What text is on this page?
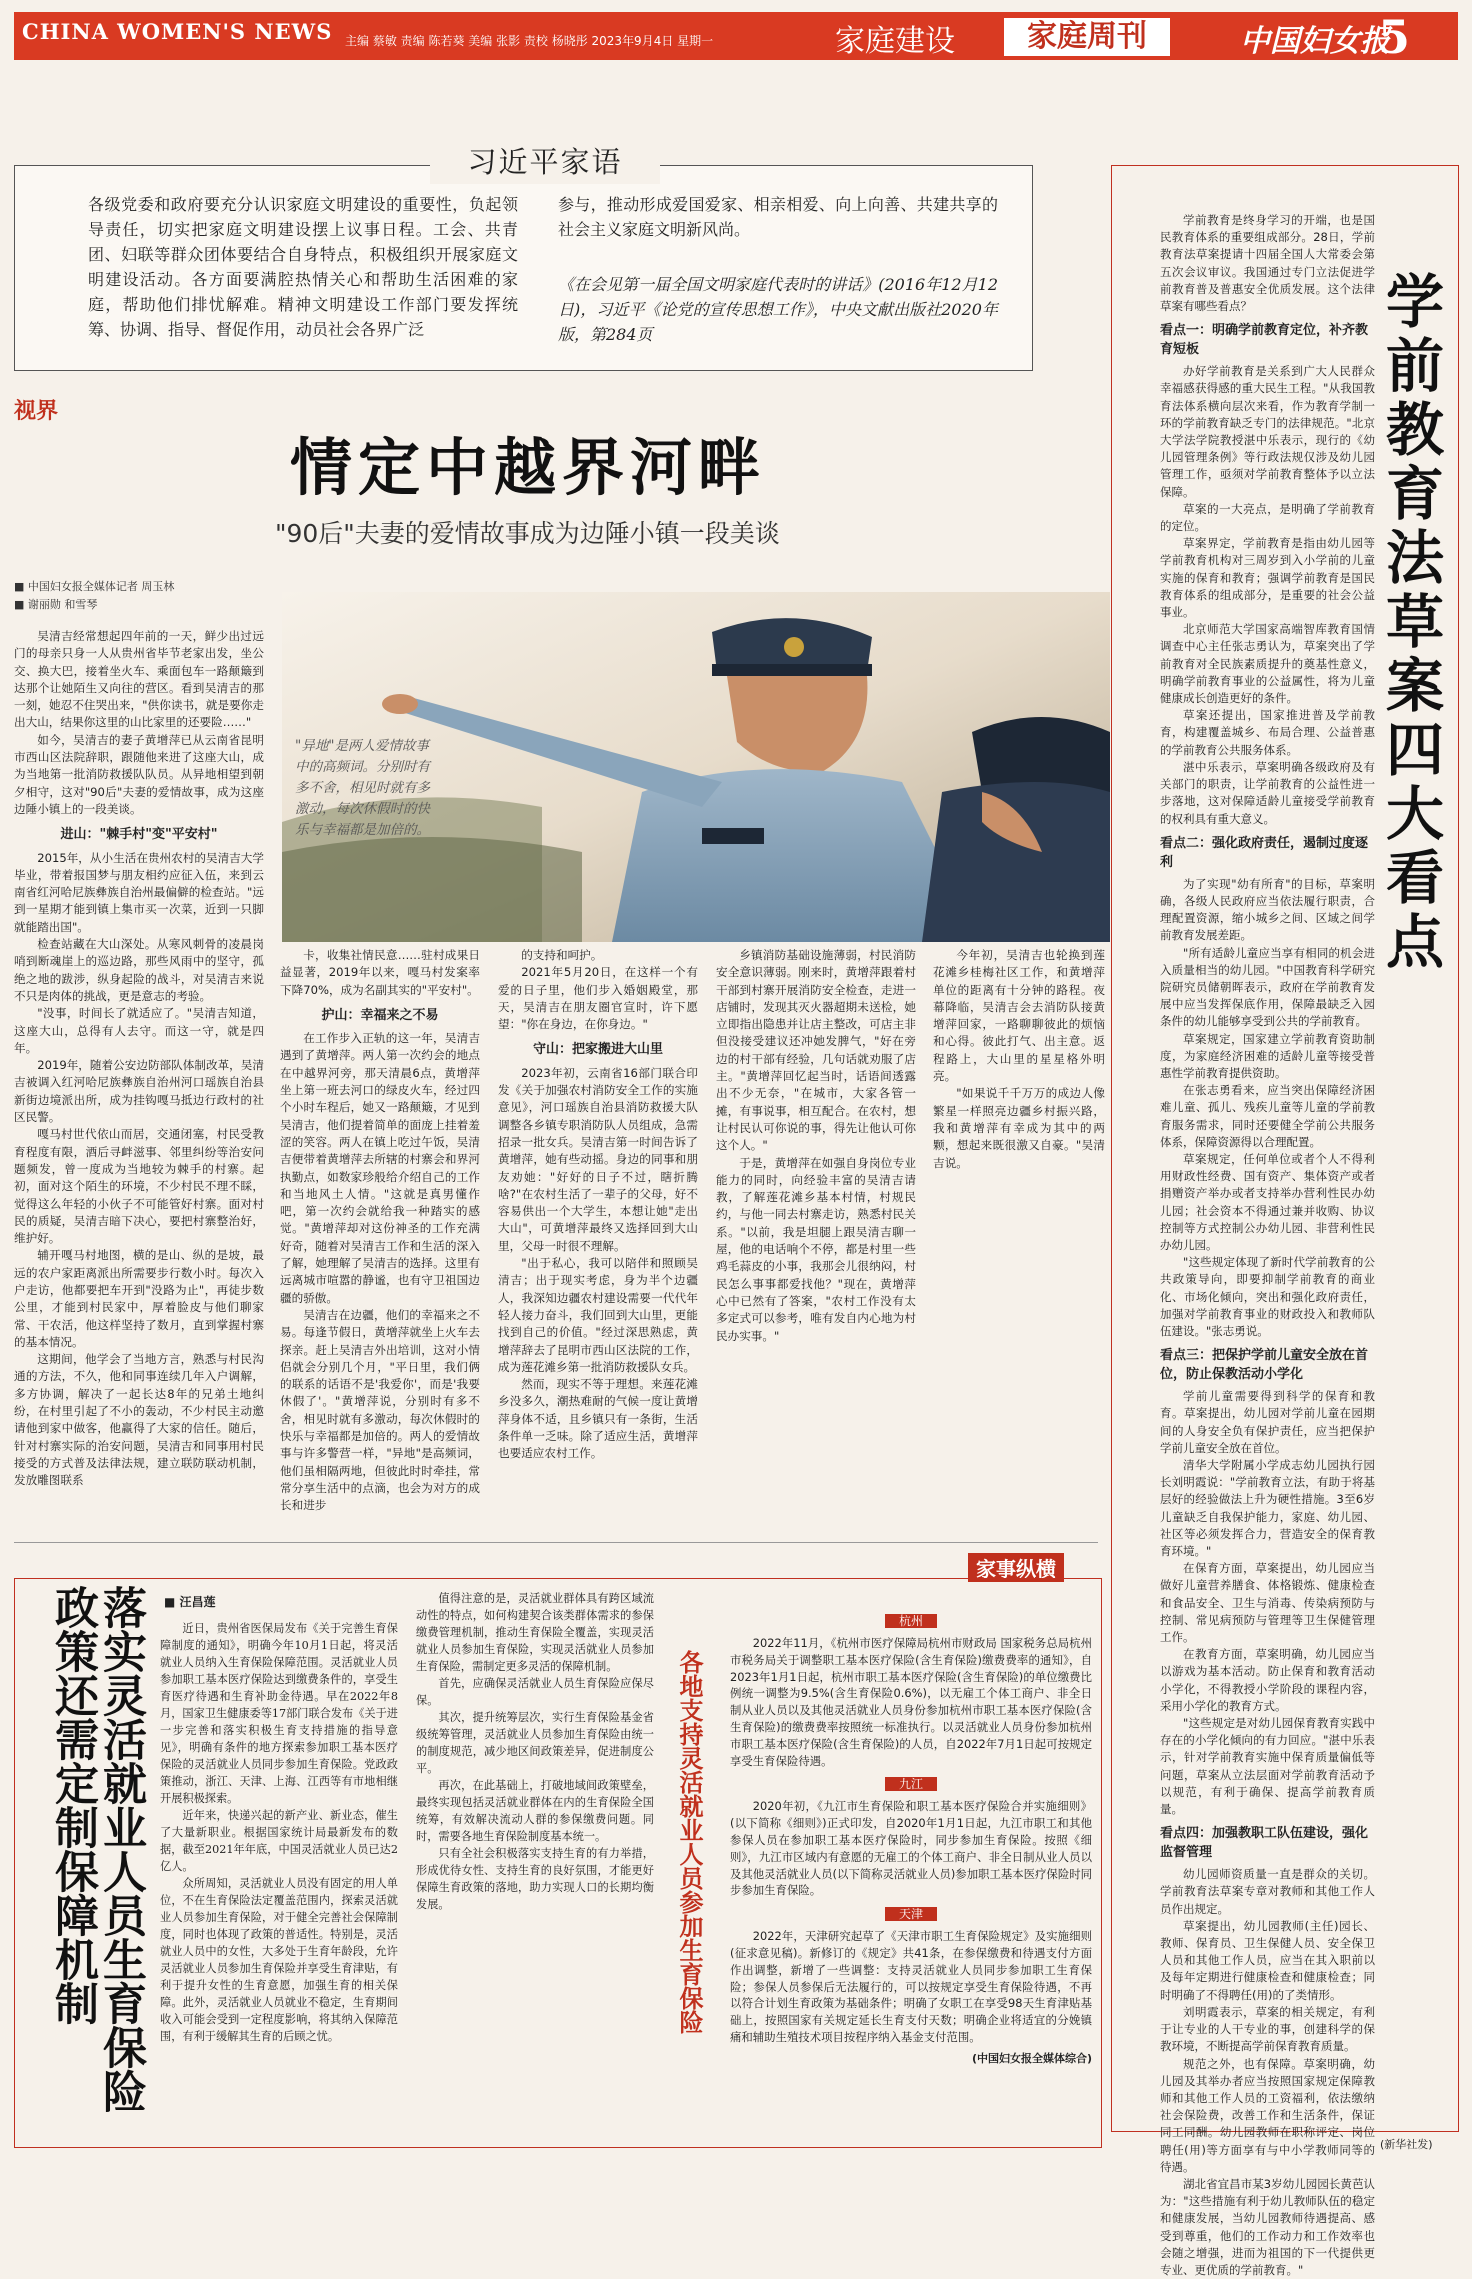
CHINA WOMEN'S NEWS 主编 蔡敏 责编 陈若葵 美编 张影 责校 杨晓彤 2023年9月4日 星期一	家庭建设	家庭周刊	中国妇女报
5
习近平家语
各级党委和政府要充分认识家庭文明建设的重要性，负起领导责任，切实把家庭文明建设摆上议事日程。工会、共青团、妇联等群众团体要结合自身特点，积极组织开展家庭文明建设活动。各方面要满腔热情关心和帮助生活困难的家庭，帮助他们排忧解难。精神文明建设工作部门要发挥统筹、协调、指导、督促作用，动员社会各界广泛
参与，推动形成爱国爱家、相亲相爱、向上向善、共建共享的社会主义家庭文明新风尚。
《在会见第一届全国文明家庭代表时的讲话》(2016年12月12日)，习近平《论党的宣传思想工作》，中央文献出版社2020年版，第284页
视界
情定中越界河畔
"90后"夫妻的爱情故事成为边陲小镇一段美谈
■ 中国妇女报全媒体记者 周玉林
■ 谢丽勋 和雪琴
"异地"是两人爱情故事中的高频词。分别时有多不舍，相见时就有多激动，每次休假时的快乐与幸福都是加倍的。

吴清吉经常想起四年前的一天，鲜少出过远门的母亲只身一人从贵州省毕节老家出发，坐公交、换大巴，接着坐火车、乘面包车一路颠簸到达那个让她陌生又向往的营区。看到吴清吉的那一刻，她忍不住哭出来，"供你读书，就是要你走出大山，结果你这里的山比家里的还要险……"

如今，吴清吉的妻子黄增萍已从云南省昆明市西山区法院辞职，跟随他来进了这座大山，成为当地第一批消防救援队队员。从异地相望到朝夕相守，这对"90后"夫妻的爱情故事，成为这座边陲小镇上的一段美谈。

进山："棘手村"变"平安村"

2015年，从小生活在贵州农村的吴清吉大学毕业，带着报国梦与朋友相约应征入伍，来到云南省红河哈尼族彝族自治州最偏僻的检查站。"远到一星期才能到镇上集市买一次菜，近到一只脚就能踏出国"。

检查站藏在大山深处。从寒风刺骨的凌晨岗哨到断魂崖上的巡边路，那些风雨中的坚守，孤绝之地的跋涉，纵身起险的战斗，对吴清吉来说不只是肉体的挑战，更是意志的考验。

"没事，时间长了就适应了。"吴清吉知道，这座大山，总得有人去守。而这一守，就是四年。

2019年，随着公安边防部队体制改革，吴清吉被调入红河哈尼族彝族自治州河口瑶族自治县新街边境派出所，成为挂钩嘎马抵边行政村的社区民警。

嘎马村世代依山而居，交通闭塞，村民受教育程度有限，酒后寻衅滋事、邻里纠纷等治安问题频发，曾一度成为当地较为棘手的村寨。起初，面对这个陌生的环境，不少村民不理不睬，觉得这么年轻的小伙子不可能管好村寨。面对村民的质疑，吴清吉暗下决心，要把村寨整治好，维护好。

辅开嘎马村地图，横的是山、纵的是坡，最远的农户家距离派出所需要步行数小时。每次入户走访，他都要把车开到"没路为止"，再徒步数公里，才能到村民家中，厚着脸皮与他们聊家常、干农活，他这样坚持了数月，直到掌握村寨的基本情况。

这期间，他学会了当地方言，熟悉与村民沟通的方法，不久，他和同事连续几年入户调解，多方协调，解决了一起长达8年的兄弟土地纠纷，在村里引起了不小的轰动，不少村民主动邀请他到家中做客，他赢得了大家的信任。随后，针对村寨实际的治安问题，吴清吉和同事用村民接受的方式普及法律法规，建立联防联动机制，发放雕图联系

卡，收集社情民意……驻村成果日益显著，2019年以来，嘎马村发案率下降70%，成为名副其实的"平安村"。

护山：幸福来之不易

在工作步入正轨的这一年，吴清吉遇到了黄增萍。两人第一次约会的地点在中越界河旁，那天清晨6点，黄增萍坐上第一班去河口的绿皮火车，经过四个小时车程后，她又一路颠簸，才见到吴清吉，他们提着简单的面庞上挂着羞涩的笑容。两人在镇上吃过午饭，吴清吉便带着黄增萍去所辖的村寨会和界河执勤点，如数家珍般给介绍自己的工作和当地风土人情。"这就是真男懂作吧，第一次约会就给我一种踏实的感觉。"黄增萍却对这份神圣的工作充满好奇，随着对吴清吉工作和生活的深入了解，她理解了吴清吉的选择。这里有远离城市喧嚣的静谧，也有守卫祖国边疆的骄傲。

吴清吉在边疆，他们的幸福来之不易。每逢节假日，黄增萍就坐上火车去探亲。赶上吴清吉外出培训，这对小情侣就会分别几个月，"平日里，我们俩的联系的话语不是'我爱你'，而是'我要休假了'。"黄增萍说，分别时有多不舍，相见时就有多激动，每次休假时的快乐与幸福都是加倍的。两人的爱情故事与许多警营一样，"异地"是高频词，他们虽相隔两地，但彼此时时牵挂，常常分享生活中的点滴，也会为对方的成长和进步

的支持和呵护。

2021年5月20日，在这样一个有爱的日子里，他们步入婚姻殿堂，那天，吴清吉在朋友圈官宣时，许下愿望："你在身边，在你身边。"

守山：把家搬进大山里

2023年初，云南省16部门联合印发《关于加强农村消防安全工作的实施意见》，河口瑶族自治县消防救援大队调整各乡镇专职消防队人员组成，急需招录一批女兵。吴清吉第一时间告诉了黄增萍，她有些动摇。身边的同事和朋友劝她："好好的日子不过，瞎折腾啥?"在农村生活了一辈子的父母，好不容易供出一个大学生，本想让她"走出大山"，可黄增萍最终又选择回到大山里，父母一时很不理解。

"出于私心，我可以陪伴和照顾吴清吉；出于现实考虑，身为半个边疆人，我深知边疆农村建设需要一代代年轻人接力奋斗，我们回到大山里，更能找到自己的价值。"经过深思熟虑，黄增萍辞去了昆明市西山区法院的工作，成为莲花滩乡第一批消防救援队女兵。

然而，现实不等于理想。来莲花滩乡没多久，潮热难耐的气候一度让黄增萍身体不适，且乡镇只有一条街，生活条件单一乏味。除了适应生活，黄增萍也要适应农村工作。

乡镇消防基础设施薄弱，村民消防安全意识薄弱。刚来时，黄增萍跟着村干部到村寨开展消防安全检查，走进一店铺时，发现其灭火器超期未送检，她立即指出隐患并让店主整改，可店主非但没接受建议还冲她发脾气，"好在旁边的村干部有经验，几句话就劝服了店主。"黄增萍回忆起当时，话语间透露出不少无奈，"在城市，大家各管一摊，有事说事，相互配合。在农村，想让村民认可你说的事，得先让他认可你这个人。"

于是，黄增萍在如强自身岗位专业能力的同时，向经验丰富的吴清吉请教，了解莲花滩乡基本村情，村规民约，与他一同去村寨走访，熟悉村民关系。"以前，我是坦腿上跟吴清吉聊一屋，他的电话响个不停，都是村里一些鸡毛蒜皮的小事，我那会儿很纳闷，村民怎么事事都爱找他？"现在，黄增萍心中已然有了答案，"农村工作没有太多定式可以参考，唯有发自内心地为村民办实事。"

今年初，吴清吉也轮换到莲花滩乡桂梅社区工作，和黄增萍单位的距离有十分钟的路程。夜幕降临，吴清吉会去消防队接黄增萍回家，一路聊聊彼此的烦恼和心得。彼此打气、出主意。返程路上，大山里的星星格外明亮。

"如果说千千万万的成边人像繁星一样照亮边疆乡村振兴路，我和黄增萍有幸成为其中的两颗，想起来既很激又自豪。"吴清吉说。

学前教育法草案四大看点

学前教育是终身学习的开端，也是国民教育体系的重要组成部分。28日，学前教育法草案提请十四届全国人大常委会第五次会议审议。我国通过专门立法促进学前教育普及普惠安全优质发展。这个法律草案有哪些看点？

看点一：明确学前教育定位，补齐教育短板

办好学前教育是关系到广大人民群众幸福感获得感的重大民生工程。"从我国教育法体系横向层次来看，作为教育学制一环的学前教育缺乏专门的法律规范。"北京大学法学院教授湛中乐表示，现行的《幼儿园管理条例》等行政法规仅涉及幼儿园管理工作，亟须对学前教育整体予以立法保障。

草案的一大亮点，是明确了学前教育的定位。

草案界定，学前教育是指由幼儿园等学前教育机构对三周岁到入小学前的儿童实施的保育和教育；强调学前教育是国民教育体系的组成部分，是重要的社会公益事业。

北京师范大学国家高端智库教育国情调查中心主任张志勇认为，草案突出了学前教育对全民族素质提升的奠基性意义，明确学前教育事业的公益属性，将为儿童健康成长创造更好的条件。

草案还提出，国家推进普及学前教育，构建覆盖城乡、布局合理、公益普惠的学前教育公共服务体系。

湛中乐表示，草案明确各级政府及有关部门的职责，让学前教育的公益性进一步落地，这对保障适龄儿童接受学前教育的权利具有重大意义。

看点二：强化政府责任，遏制过度逐利

为了实现"幼有所育"的目标，草案明确，各级人民政府应当依法履行职责，合理配置资源，缩小城乡之间、区域之间学前教育发展差距。

"所有适龄儿童应当享有相同的机会进入质量相当的幼儿园。"中国教育科学研究院研究员储朝晖表示，政府在学前教育发展中应当发挥保底作用，保障最缺乏入园条件的幼儿能够享受到公共的学前教育。

草案规定，国家建立学前教育资助制度，为家庭经济困难的适龄儿童等接受普惠性学前教育提供资助。

在张志勇看来，应当突出保障经济困难儿童、孤儿、残疾儿童等儿童的学前教育服务需求，同时还要健全学前公共服务体系，保障资源得以合理配置。

草案规定，任何单位或者个人不得利用财政性经费、国有资产、集体资产或者捐赠资产举办或者支持举办营利性民办幼儿园；社会资本不得通过兼并收购、协议控制等方式控制公办幼儿园、非营利性民办幼儿园。

"这些规定体现了新时代学前教育的公共政策导向，即要抑制学前教育的商业化、市场化倾向，突出和强化政府责任，加强对学前教育事业的财政投入和教师队伍建设。"张志勇说。

看点三：把保护学前儿童安全放在首位，防止保教活动小学化

学前儿童需要得到科学的保育和教育。草案提出，幼儿园对学前儿童在园期间的人身安全负有保护责任，应当把保护学前儿童安全放在首位。

清华大学附属小学成志幼儿园执行园长刘明霞说："学前教育立法，有助于将基层好的经验做法上升为硬性措施。3至6岁儿童缺乏自我保护能力，家庭、幼儿园、社区等必须发挥合力，营造安全的保育教育环境。"

在保育方面，草案提出，幼儿园应当做好儿童营养膳食、体格锻炼、健康检查和食品安全、卫生与消毒、传染病预防与控制、常见病预防与管理等卫生保健管理工作。

在教育方面，草案明确，幼儿园应当以游戏为基本活动。防止保育和教育活动小学化，不得教授小学阶段的课程内容，采用小学化的教育方式。

"这些规定是对幼儿园保育教育实践中存在的小学化倾向的有力回应。"湛中乐表示，针对学前教育实施中保育质量偏低等问题，草案从立法层面对学前教育活动予以规范，有利于确保、提高学前教育质量。

看点四：加强教职工队伍建设，强化监督管理

幼儿园师资质量一直是群众的关切。学前教育法草案专章对教师和其他工作人员作出规定。

草案提出，幼儿园教师(主任)园长、教师、保育员、卫生保健人员、安全保卫人员和其他工作人员，应当在其入职前以及每年定期进行健康检查和健康检查；同时明确了不得聘任(用)的了类情形。

刘明霞表示，草案的相关规定，有利于让专业的人干专业的事，创建科学的保教环境，不断提高学前保育教育质量。

规范之外，也有保障。草案明确，幼儿园及其举办者应当按照国家规定保障教师和其他工作人员的工资福利，依法缴纳社会保险费，改善工作和生活条件，保证同工同酬。幼儿园教师在职称评定、岗位聘任(用)等方面享有与中小学教师同等的待遇。

湖北省宜昌市某3岁幼儿园园长黄芭认为："这些措施有利于幼儿教师队伍的稳定和健康发展，当幼儿园教师待遇提高、感受到尊重，他们的工作动力和工作效率也会随之增强，进而为祖国的下一代提供更专业、更优质的学前教育。"

(新华社发)
家事纵横
落实灵活就业人员生育保险政策还需定制保障机制	■ 汪昌莲

近日，贵州省医保局发布《关于完善生育保障制度的通知》，明确今年10月1日起，将灵活就业人员纳入生育保险保障范围。灵活就业人员参加职工基本医疗保险达到缴费条件的，享受生育医疗待遇和生育补助金待遇。早在2022年8月，国家卫生健康委等17部门联合发布《关于进一步完善和落实积极生育支持措施的指导意见》，明确有条件的地方探索参加职工基本医疗保险的灵活就业人员同步参加生育保险。党政政策推动，浙江、天津、上海、江西等有市地相继开展积极探索。

近年来，快递兴起的新产业、新业态，催生了大量新职业。根据国家统计局最新发布的数据，截至2021年年底，中国灵活就业人员已达2亿人。

众所周知，灵活就业人员没有固定的用人单位，不在生育保险法定覆盖范围内，探索灵活就业人员参加生育保险，对于健全完善社会保障制度，同时也体现了政策的普适性。特别是，灵活就业人员中的女性，大多处于生育年龄段，允许灵活就业人员参加生育保险并享受生育津贴，有利于提升女性的生育意愿，加强生育的相关保障。此外，灵活就业人员就业不稳定，生育期间收入可能会受到一定程度影响，将其纳入保障范围，有利于缓解其生育的后顾之忧。

值得注意的是，灵活就业群体具有跨区域流动性的特点，如何构建契合该类群体需求的参保缴费管理机制，推动生育保险全覆盖，实现灵活就业人员参加生育保险，实现灵活就业人员参加生育保险，需制定更多灵活的保障机制。

首先，应确保灵活就业人员生育保险应保尽保。

其次，提升统筹层次，实行生育保险基金省级统筹管理，灵活就业人员参加生育保险由统一的制度规范，减少地区间政策差异，促进制度公平。

再次，在此基础上，打破地域间政策壁垒，最终实现包括灵活就业群体在内的生育保险全国统筹，有效解决流动人群的参保缴费问题。同时，需要各地生育保险制度基本统一。

只有全社会积极落实支持生育的有力举措，形成优待女性、支持生育的良好氛围，才能更好保障生育政策的落地，助力实现人口的长期均衡发展。	各地支持灵活就业人员参加生育保险
杭州

2022年11月，《杭州市医疗保障局杭州市财政局 国家税务总局杭州市税务局关于调整职工基本医疗保险(含生育保险)缴费费率的通知》，自2023年1月1日起，杭州市职工基本医疗保险(含生育保险)的单位缴费比例统一调整为9.5%(含生育保险0.6%)，以无雇工个体工商户、非全日制从业人员以及其他灵活就业人员身份参加杭州市职工基本医疗保险(含生育保险)的缴费费率按照统一标准执行。以灵活就业人员身份参加杭州市职工基本医疗保险(含生育保险)的人员，自2022年7月1日起可按规定享受生育保险待遇。

九江

2020年初，《九江市生育保险和职工基本医疗保险合并实施细则》(以下简称《细则》)正式印发，自2020年1月1日起，九江市职工和其他参保人员在参加职工基本医疗保险时，同步参加生育保险。按照《细则》，九江市区域内有意愿的无雇工的个体工商户、非全日制从业人员以及其他灵活就业人员(以下简称灵活就业人员)参加职工基本医疗保险时同步参加生育保险。

天津

2022年，天津研究起草了《天津市职工生育保险规定》及实施细则(征求意见稿)。新修订的《规定》共41条，在参保缴费和待遇支付方面作出调整，新增了一些调整：支持灵活就业人员同步参加职工生育保险；参保人员参保后无法履行的，可以按规定享受生育保险待遇，不再以符合计划生育政策为基础条件；明确了女职工在享受98天生育津贴基础上，按照国家有关规定延长生育支付天数；明确企业将适宜的分娩镇痛和辅助生殖技术项目按程序纳入基金支付范围。

(中国妇女报全媒体综合)
